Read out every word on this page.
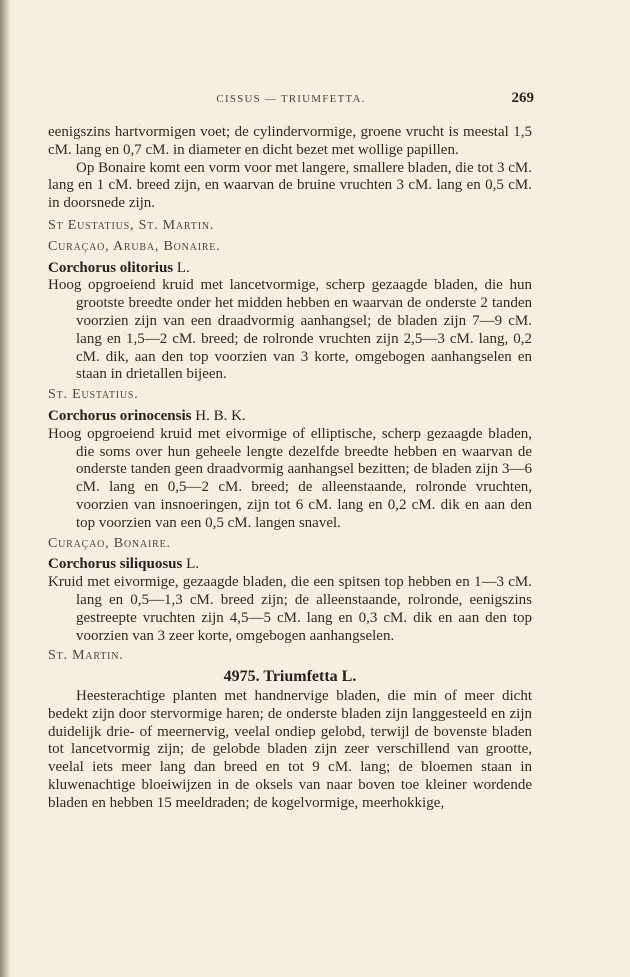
CISSUS — TRIUMFETTA.	269

eenigszins hartvormigen voet; de cylindervormige, groene vrucht is meestal 1,5 cM. lang en 0,7 cM. in diameter en dicht bezet met wollige papillen.

Op Bonaire komt een vorm voor met langere, smallere bladen, die tot 3 cM. lang en 1 cM. breed zijn, en waarvan de bruine vruchten 3 cM. lang en 0,5 cM. in doorsnede zijn.

St Eustatius, St. Martin.

Curaçao, Aruba, Bonaire.

Corchorus olitorius L.

Hoog opgroeiend kruid met lancetvormige, scherp gezaagde bladen, die hun grootste breedte onder het midden hebben en waarvan de onderste 2 tanden voorzien zijn van een draadvormig aanhangsel; de bladen zijn 7—9 cM. lang en 1,5—2 cM. breed; de rolronde vruchten zijn 2,5—3 cM. lang, 0,2 cM. dik, aan den top voorzien van 3 korte, omgebogen aanhangselen en staan in drietallen bijeen.

St. Eustatius.

Corchorus orinocensis H. B. K.

Hoog opgroeiend kruid met eivormige of elliptische, scherp gezaagde bladen, die soms over hun geheele lengte dezelfde breedte hebben en waarvan de onderste tanden geen draadvormig aanhangsel bezitten; de bladen zijn 3—6 cM. lang en 0,5—2 cM. breed; de alleenstaande, rolronde vruchten, voorzien van insnoeringen, zijn tot 6 cM. lang en 0,2 cM. dik en aan den top voorzien van een 0,5 cM. langen snavel.

Curaçao, Bonaire.

Corchorus siliquosus L.

Kruid met eivormige, gezaagde bladen, die een spitsen top hebben en 1—3 cM. lang en 0,5—1,3 cM. breed zijn; de alleenstaande, rolronde, eenigszins gestreepte vruchten zijn 4,5—5 cM. lang en 0,3 cM. dik en aan den top voorzien van 3 zeer korte, omgebogen aanhangselen.

St. Martin.

4975. Triumfetta L.

Heesterachtige planten met handnervige bladen, die min of meer dicht bedekt zijn door stervormige haren; de onderste bladen zijn langgesteeld en zijn duidelijk drie- of meernervig, veelal ondiep gelobd, terwijl de bovenste bladen tot lancetvormig zijn; de gelobde bladen zijn zeer verschillend van grootte, veelal iets meer lang dan breed en tot 9 cM. lang; de bloemen staan in kluwenachtige bloeiwijzen in de oksels van naar boven toe kleiner wordende bladen en hebben 15 meeldraden; de kogelvormige, meerhokkige,
